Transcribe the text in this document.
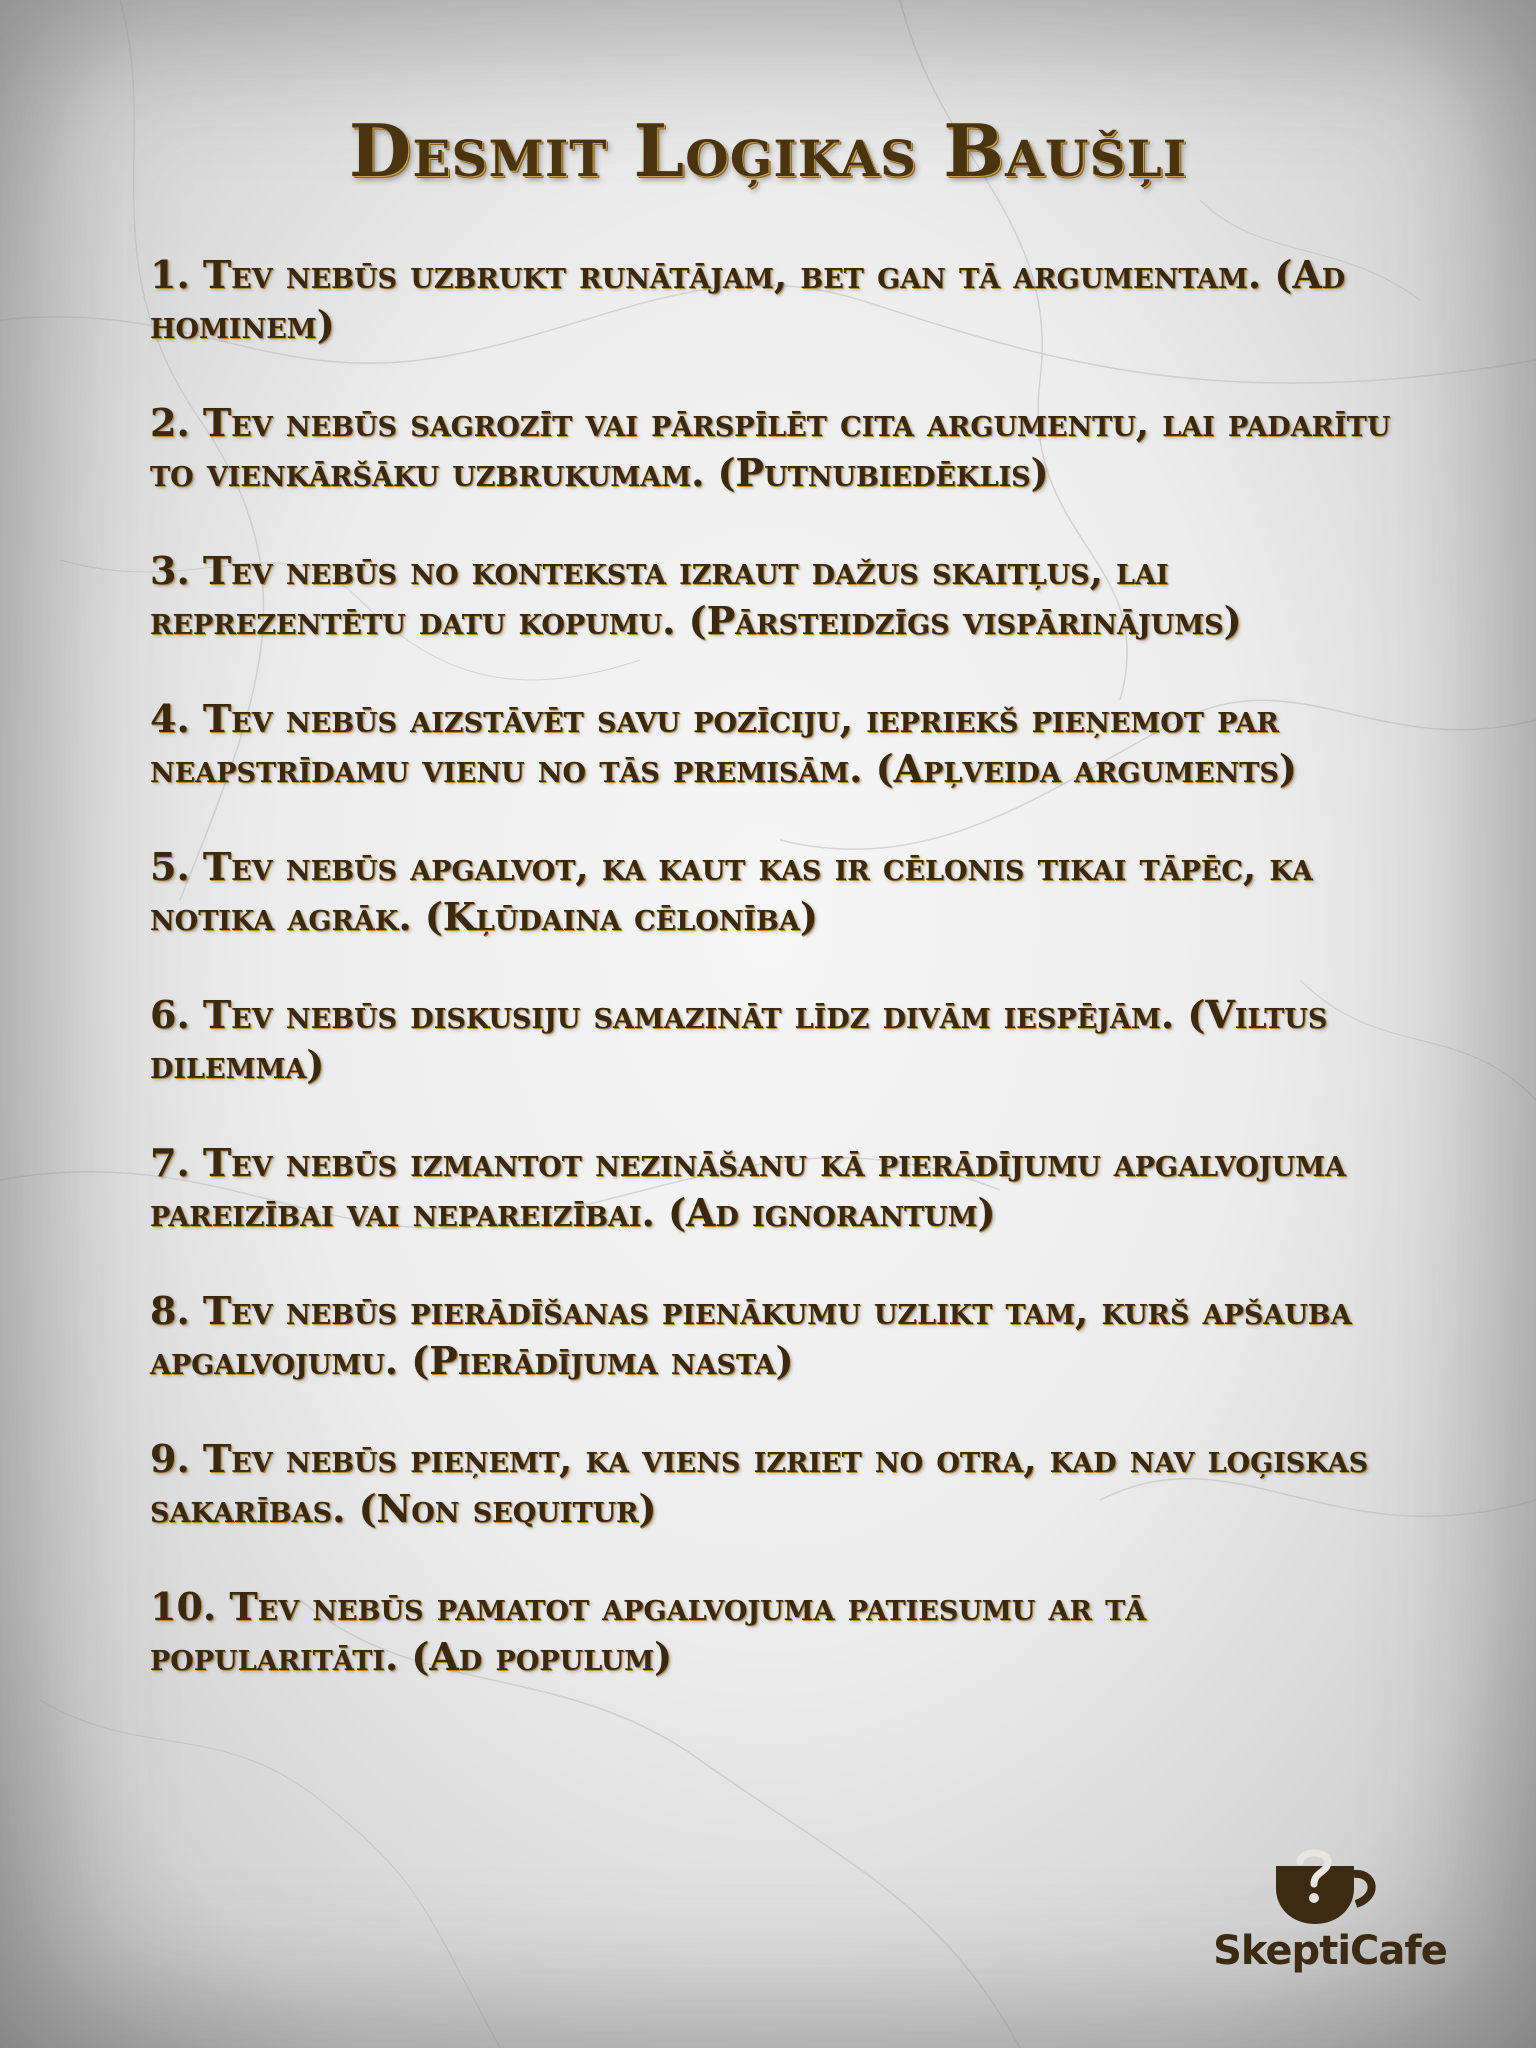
Desmit Loģikas Baušļi
1. Tev nebūs uzbrukt runātājam, bet gan tā argumentam. (Ad hominem)
2. Tev nebūs sagrozīt vai pārspīlēt cita argumentu, lai padarītu to vienkāršāku uzbrukumam. (Putnubiedēklis)
3. Tev nebūs no konteksta izraut dažus skaitļus, lai reprezentētu datu kopumu. (Pārsteidzīgs vispārinājums)
4. Tev nebūs aizstāvēt savu pozīciju, iepriekš pieņemot par neapstrīdamu vienu no tās premisām. (Apļveida arguments)
5. Tev nebūs apgalvot, ka kaut kas ir cēlonis tikai tāpēc, ka notika agrāk. (Kļūdaina cēlonība)
6. Tev nebūs diskusiju samazināt līdz divām iespējām. (Viltus dilemma)
7. Tev nebūs izmantot nezināšanu kā pierādījumu apgalvojuma pareizībai vai nepareizībai. (Ad ignorantum)
8. Tev nebūs pierādīšanas pienākumu uzlikt tam, kurš apšauba apgalvojumu. (Pierādījuma nasta)
9. Tev nebūs pieņemt, ka viens izriet no otra, kad nav loģiskas sakarības. (Non sequitur)
10. Tev nebūs pamatot apgalvojuma patiesumu ar tā popularitāti. (Ad populum)
SkeptiCafe
